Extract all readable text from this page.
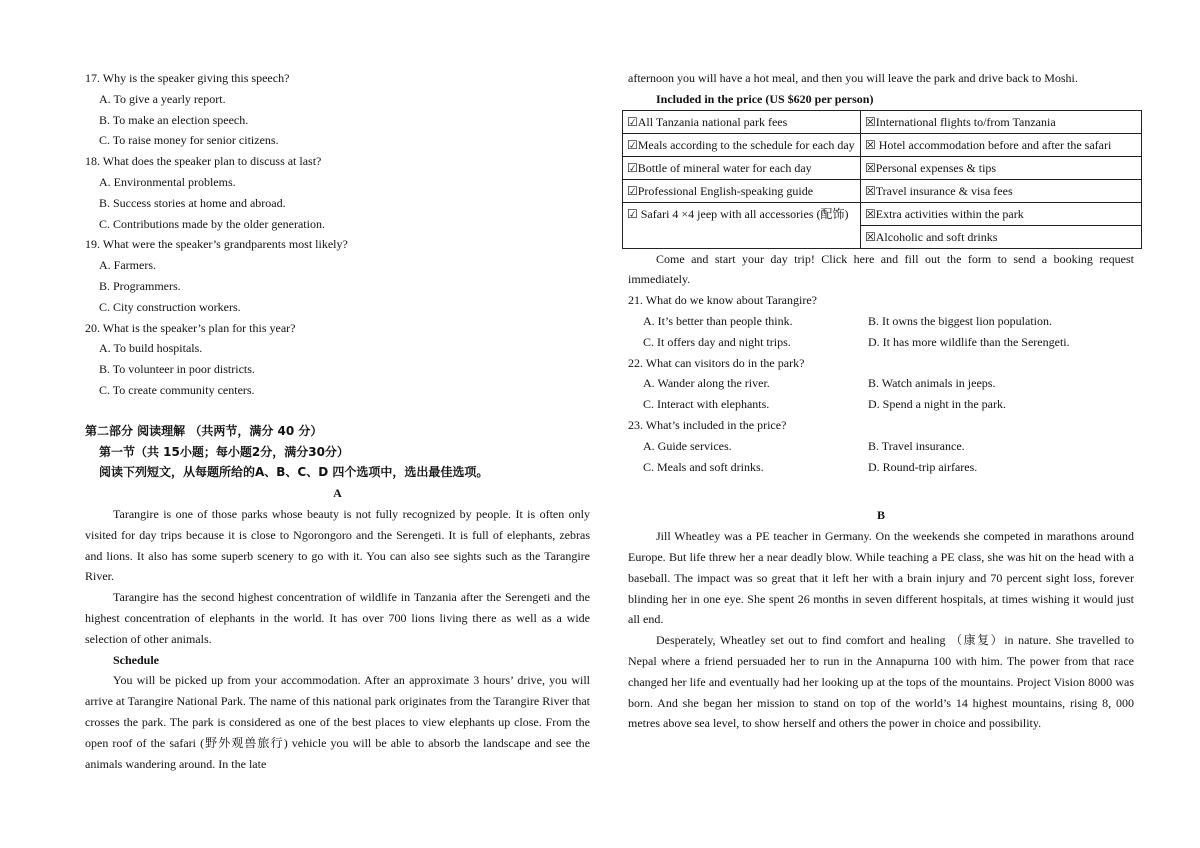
17. Why is the speaker giving this speech?
A. To give a yearly report.
B. To make an election speech.
C. To raise money for senior citizens.
18. What does the speaker plan to discuss at last?
A. Environmental problems.
B. Success stories at home and abroad.
C. Contributions made by the older generation.
19. What were the speaker’s grandparents most likely?
A. Farmers.
B. Programmers.
C. City construction workers.
20. What is the speaker’s plan for this year?
A. To build hospitals.
B. To volunteer in poor districts.
C. To create community centers.
第二部分 阅读理解 （共两节，满分 40 分）
第一节（共 15小题；每小题2分，满分30分）
阅读下列短文，从每题所给的A、B、C、D 四个选项中，选出最佳选项。
A

Tarangire is one of those parks whose beauty is not fully recognized by people. It is often only visited for day trips because it is close to Ngorongoro and the Serengeti. It is full of elephants, zebras and lions. It also has some superb scenery to go with it. You can also see sights such as the Tarangire River.

Tarangire has the second highest concentration of wildlife in Tanzania after the Serengeti and the highest concentration of elephants in the world. It has over 700 lions living there as well as a wide selection of other animals.

Schedule

You will be picked up from your accommodation. After an approximate 3 hours’ drive, you will arrive at Tarangire National Park. The name of this national park originates from the Tarangire River that crosses the park. The park is considered as one of the best places to view elephants up close. From the open roof of the safari (野外观兽旅行) vehicle you will be able to absorb the landscape and see the animals wandering around. In the late

afternoon you will have a hot meal, and then you will leave the park and drive back to Moshi.

Included in the price (US $620 per person)
☑All Tanzania national park fees	☒International flights to/from Tanzania
☑Meals according to the schedule for each day	☒ Hotel accommodation before and after the safari
☑Bottle of mineral water for each day	☒Personal expenses & tips
☑Professional English-speaking guide	☒Travel insurance & visa fees
☑ Safari 4 ×4 jeep with all accessories (配饰)	☒Extra activities within the park
	☒Alcoholic and soft drinks

Come and start your day trip! Click here and fill out the form to send a booking request immediately.

21. What do we know about Tarangire?
A. It’s better than people think.	B. It owns the biggest lion population.
C. It offers day and night trips.	D. It has more wildlife than the Serengeti.
22. What can visitors do in the park?
A. Wander along the river.	B. Watch animals in jeeps.
C. Interact with elephants.	D. Spend a night in the park.
23. What’s included in the price?
A. Guide services.	B. Travel insurance.
C. Meals and soft drinks.	D. Round-trip airfares.
B

Jill Wheatley was a PE teacher in Germany. On the weekends she competed in marathons around Europe. But life threw her a near deadly blow. While teaching a PE class, she was hit on the head with a baseball. The impact was so great that it left her with a brain injury and 70 percent sight loss, forever blinding her in one eye. She spent 26 months in seven different hospitals, at times wishing it would just all end.

Desperately, Wheatley set out to find comfort and healing （康复）in nature. She travelled to Nepal where a friend persuaded her to run in the Annapurna 100 with him. The power from that race changed her life and eventually had her looking up at the tops of the mountains. Project Vision 8000 was born. And she began her mission to stand on top of the world’s 14 highest mountains, rising 8, 000 metres above sea level, to show herself and others the power in choice and possibility.
